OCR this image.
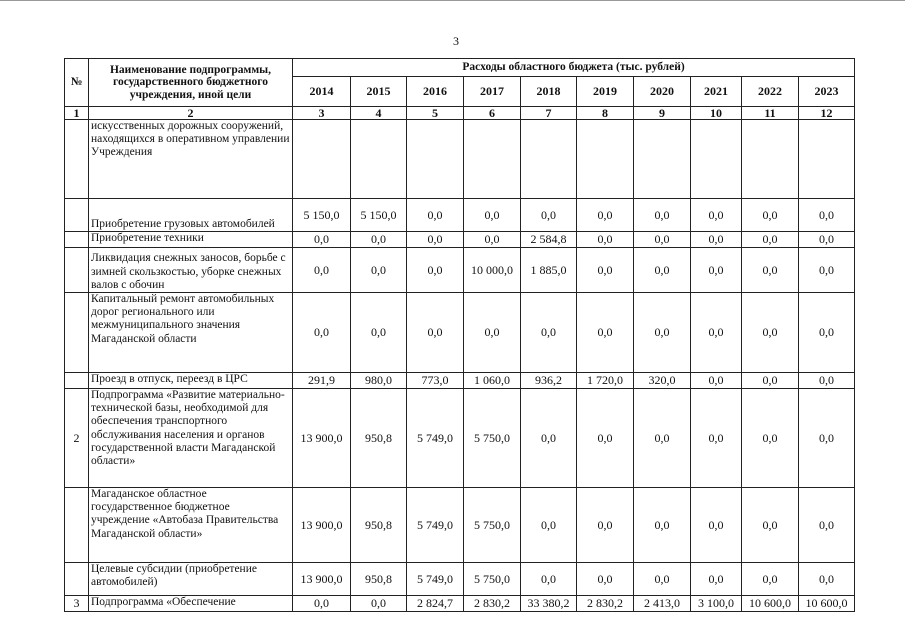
3
№	Наименование подпрограммы, государственного бюджетного учреждения, иной цели	Расходы областного бюджета (тыс. рублей)									
		2014	2015	2016	2017	2018	2019	2020	2021	2022	2023
1	2	3	4	5	6	7	8	9	10	11	12
	искусственных дорожных сооружений, находящихся в оперативном управлении Учреждения										
	Приобретение грузовых автомобилей	5 150,0	5 150,0	0,0	0,0	0,0	0,0	0,0	0,0	0,0	0,0
	Приобретение техники	0,0	0,0	0,0	0,0	2 584,8	0,0	0,0	0,0	0,0	0,0
	Ликвидация снежных заносов, борьбе с зимней скользкостью, уборке снежных валов с обочин	0,0	0,0	0,0	10 000,0	1 885,0	0,0	0,0	0,0	0,0	0,0
	Капитальный ремонт автомобильных дорог регионального или межмуниципального значения Магаданской области	0,0	0,0	0,0	0,0	0,0	0,0	0,0	0,0	0,0	0,0
	Проезд в отпуск, переезд в ЦРС	291,9	980,0	773,0	1 060,0	936,2	1 720,0	320,0	0,0	0,0	0,0
2	Подпрограмма «Развитие материально-технической базы, необходимой для обеспечения транспортного обслуживания населения и органов государственной власти Магаданской области»	13 900,0	950,8	5 749,0	5 750,0	0,0	0,0	0,0	0,0	0,0	0,0
	Магаданское областное государственное бюджетное учреждение «Автобаза Правительства Магаданской области»	13 900,0	950,8	5 749,0	5 750,0	0,0	0,0	0,0	0,0	0,0	0,0
	Целевые субсидии (приобретение автомобилей)	13 900,0	950,8	5 749,0	5 750,0	0,0	0,0	0,0	0,0	0,0	0,0
3	Подпрограмма «Обеспечение	0,0	0,0	2 824,7	2 830,2	33 380,2	2 830,2	2 413,0	3 100,0	10 600,0	10 600,0
